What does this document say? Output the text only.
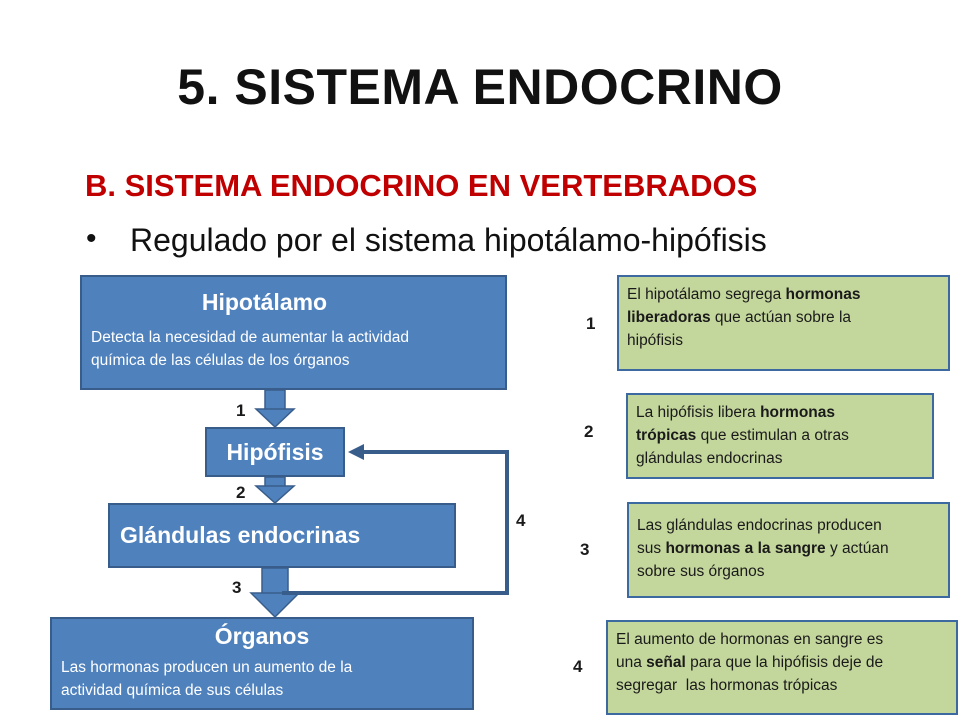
5. SISTEMA ENDOCRINO
B. SISTEMA ENDOCRINO EN VERTEBRADOS
• Regulado por el sistema hipotálamo-hipófisis
Hipotálamo
Detecta la necesidad de aumentar la actividad
química de las células de los órganos
Hipófisis
Glándulas endocrinas
Órganos
Las hormonas producen un aumento de la
actividad química de sus células
1
2
3
4
1
2
3
4
El hipotálamo segrega hormonas
liberadoras que actúan sobre la
hipófisis
La hipófisis libera hormonas
trópicas que estimulan a otras
glándulas endocrinas
Las glándulas endocrinas producen
sus hormonas a la sangre y actúan
sobre sus órganos
El aumento de hormonas en sangre es
una señal para que la hipófisis deje de
segregar  las hormonas trópicas
